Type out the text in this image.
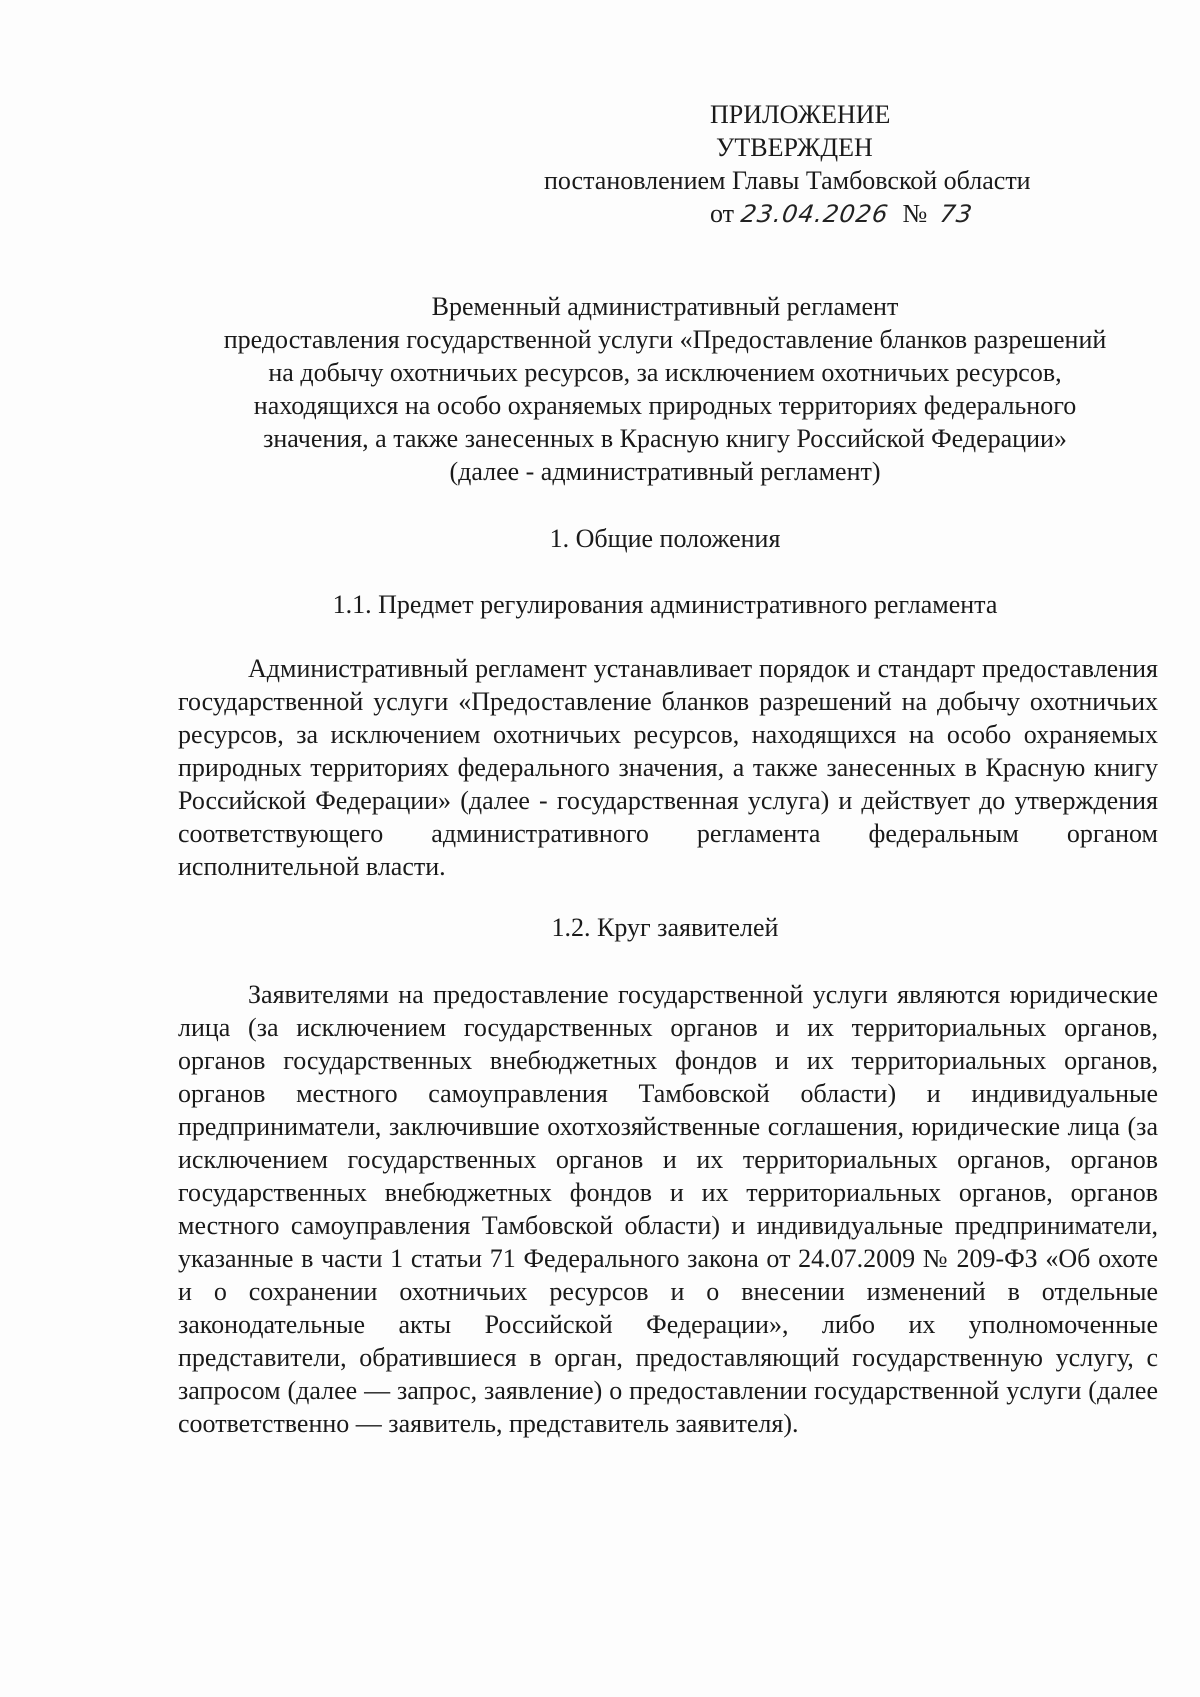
ПРИЛОЖЕНИЕ
УТВЕРЖДЕН
постановлением Главы Тамбовской области
от 23.04.2026 № 73
Временный административный регламент
предоставления государственной услуги «Предоставление бланков разрешений
на добычу охотничьих ресурсов, за исключением охотничьих ресурсов,
находящихся на особо охраняемых природных территориях федерального
значения, а также занесенных в Красную книгу Российской Федерации»
(далее - административный регламент)
1. Общие положения
1.1. Предмет регулирования административного регламента

Административный регламент устанавливает порядок и стандарт предоставления государственной услуги «Предоставление бланков разрешений на добычу охотничьих ресурсов, за исключением охотничьих ресурсов, находящихся на особо охраняемых природных территориях федерального значения, а также занесенных в Красную книгу Российской Федерации» (далее - государственная услуга) и действует до утверждения соответствующего административного регламента федеральным органом исполнительной власти.

1.2. Круг заявителей

Заявителями на предоставление государственной услуги являются юридические лица (за исключением государственных органов и их территориальных органов, органов государственных внебюджетных фондов и их территориальных органов, органов местного самоуправления Тамбовской области) и индивидуальные предприниматели, заключившие охотхозяйственные соглашения, юридические лица (за исключением государственных органов и их территориальных органов, органов государственных внебюджетных фондов и их территориальных органов, органов местного самоуправления Тамбовской области) и индивидуальные предприниматели, указанные в части 1 статьи 71 Федерального закона от 24.07.2009 № 209-ФЗ «Об охоте и о сохранении охотничьих ресурсов и о внесении изменений в отдельные законодательные акты Российской Федерации», либо их уполномоченные представители, обратившиеся в орган, предоставляющий государственную услугу, с запросом (далее — запрос, заявление) о предоставлении государственной услуги (далее соответственно — заявитель, представитель заявителя).
